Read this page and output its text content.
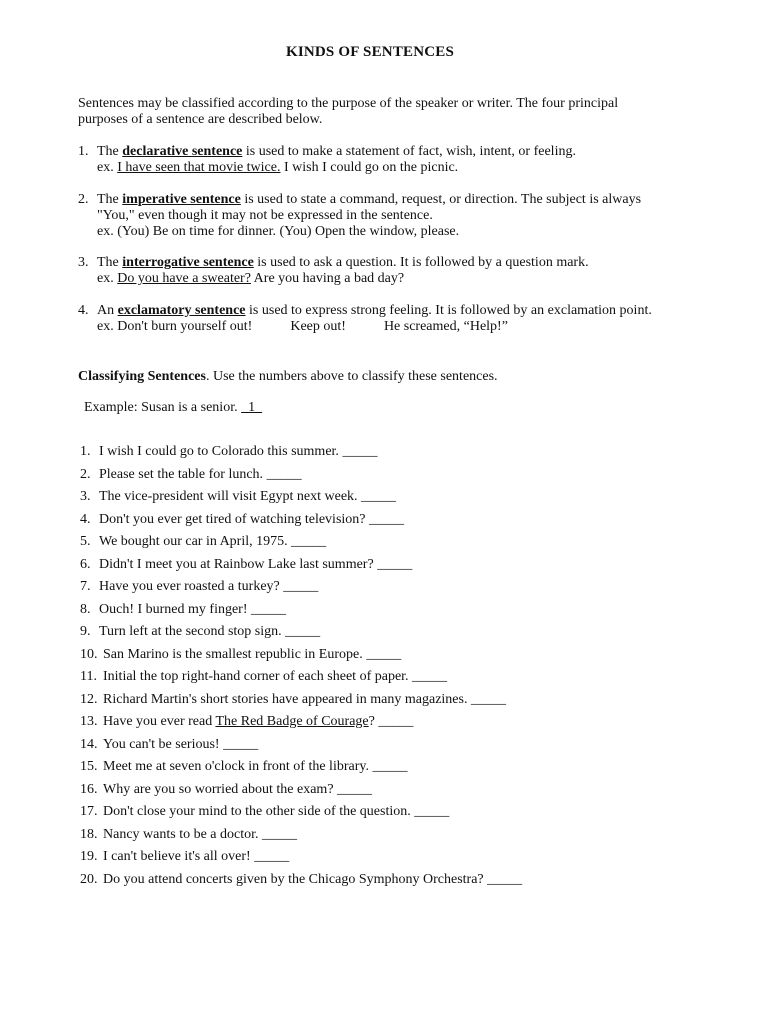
KINDS OF SENTENCES
Sentences may be classified according to the purpose of the speaker or writer. The four principal
purposes of a sentence are described below.
1. The declarative sentence is used to make a statement of fact, wish, intent, or feeling.
ex. I have seen that movie twice. I wish I could go on the picnic.
2. The imperative sentence is used to state a command, request, or direction. The subject is always
"You," even though it may not be expressed in the sentence.
ex. (You) Be on time for dinner. (You) Open the window, please.
3. The interrogative sentence is used to ask a question. It is followed by a question mark.
ex. Do you have a sweater? Are you having a bad day?
4. An exclamatory sentence is used to express strong feeling. It is followed by an exclamation point.
ex. Don't burn yourself out!	Keep out!	He screamed, “Help!”
Classifying Sentences. Use the numbers above to classify these sentences.
Example: Susan is a senior.   1
1. I wish I could go to Colorado this summer. _____
2. Please set the table for lunch. _____
3. The vice-president will visit Egypt next week. _____
4. Don't you ever get tired of watching television? _____
5. We bought our car in April, 1975. _____
6. Didn't I meet you at Rainbow Lake last summer? _____
7. Have you ever roasted a turkey? _____
8. Ouch! I burned my finger! _____
9. Turn left at the second stop sign. _____
10. San Marino is the smallest republic in Europe. _____
11. Initial the top right-hand corner of each sheet of paper. _____
12. Richard Martin's short stories have appeared in many magazines. _____
13. Have you ever read The Red Badge of Courage? _____
14. You can't be serious! _____
15. Meet me at seven o'clock in front of the library. _____
16. Why are you so worried about the exam? _____
17. Don't close your mind to the other side of the question. _____
18. Nancy wants to be a doctor. _____
19. I can't believe it's all over! _____
20. Do you attend concerts given by the Chicago Symphony Orchestra? _____
